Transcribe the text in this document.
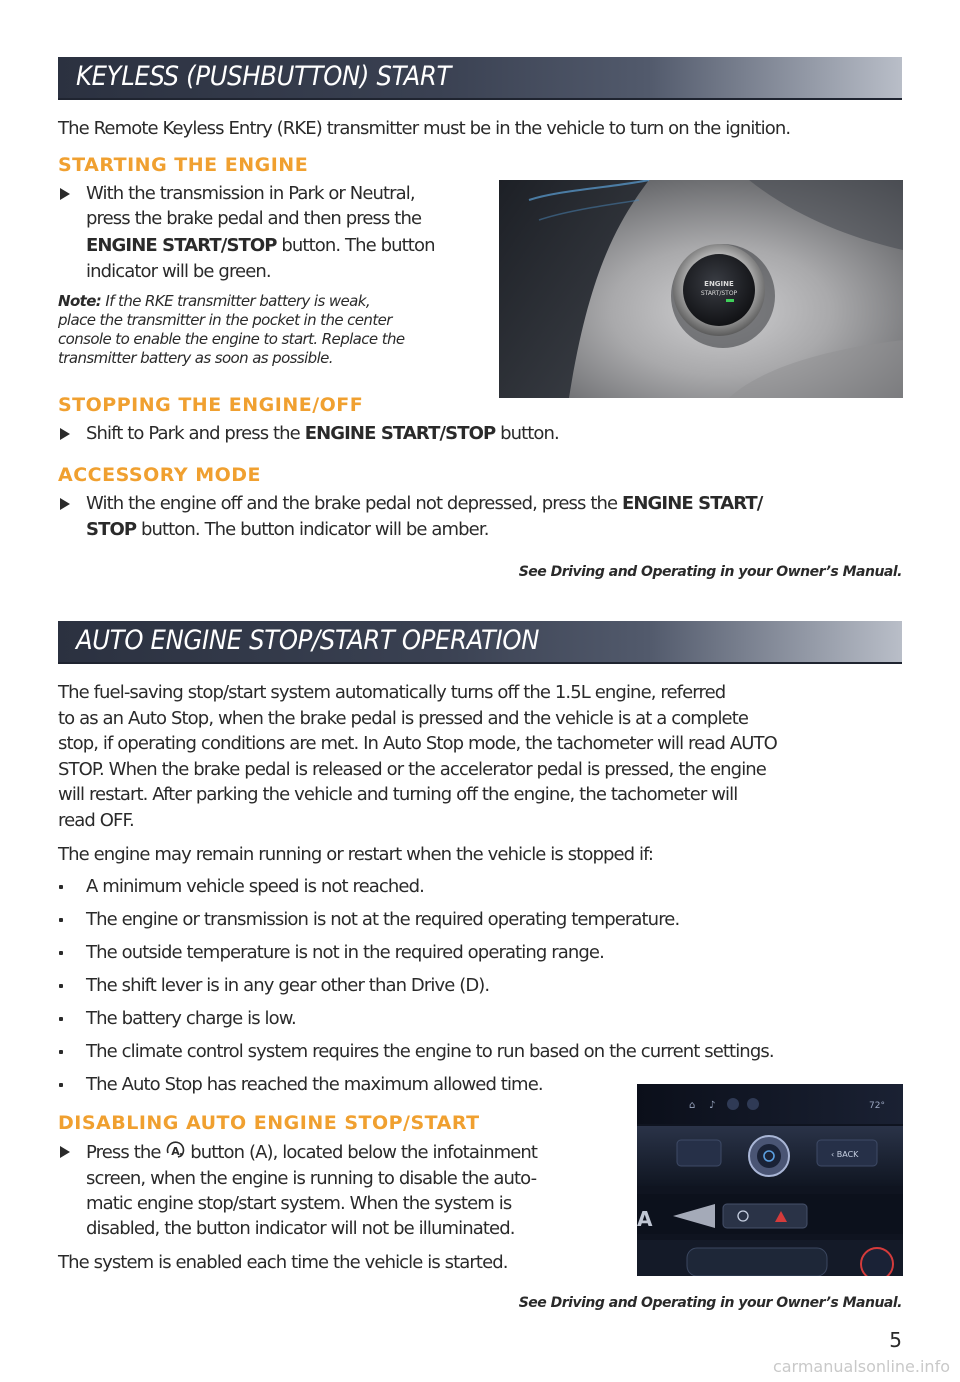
KEYLESS (PUSHBUTTON) START
The Remote Keyless Entry (RKE) transmitter must be in the vehicle to turn on the ignition.
STARTING THE ENGINE
With the transmission in Park or Neutral,
press the brake pedal and then press the
ENGINE START/STOP button. The button
indicator will be green.
Note: If the RKE transmitter battery is weak,
place the transmitter in the pocket in the center
console to enable the engine to start. Replace the
transmitter battery as soon as possible.
ENGINE
START/STOP
STOPPING THE ENGINE/OFF
Shift to Park and press the ENGINE START/STOP button.
ACCESSORY MODE
With the engine off and the brake pedal not depressed, press the ENGINE START/
STOP button. The button indicator will be amber.
See Driving and Operating in your Owner’s Manual.
AUTO ENGINE STOP/START OPERATION
The fuel-saving stop/start system automatically turns off the 1.5L engine, referred
to as an Auto Stop, when the brake pedal is pressed and the vehicle is at a complete
stop, if operating conditions are met. In Auto Stop mode, the tachometer will read AUTO
STOP. When the brake pedal is released or the accelerator pedal is pressed, the engine
will restart. After parking the vehicle and turning off the engine, the tachometer will
read OFF.
The engine may remain running or restart when the vehicle is stopped if:
A minimum vehicle speed is not reached.
The engine or transmission is not at the required operating temperature.
The outside temperature is not in the required operating range.
The shift lever is in any gear other than Drive (D).
The battery charge is low.
The climate control system requires the engine to run based on the current settings.
The Auto Stop has reached the maximum allowed time.
DISABLING AUTO ENGINE STOP/START
Press the A button (A), located below the infotainment
screen, when the engine is running to disable the auto-
matic engine stop/start system. When the system is
disabled, the button indicator will not be illuminated.
The system is enabled each time the vehicle is started.
⌂ ♪	72°
‹ BACK
A
See Driving and Operating in your Owner’s Manual.
5
carmanualsonline.info
